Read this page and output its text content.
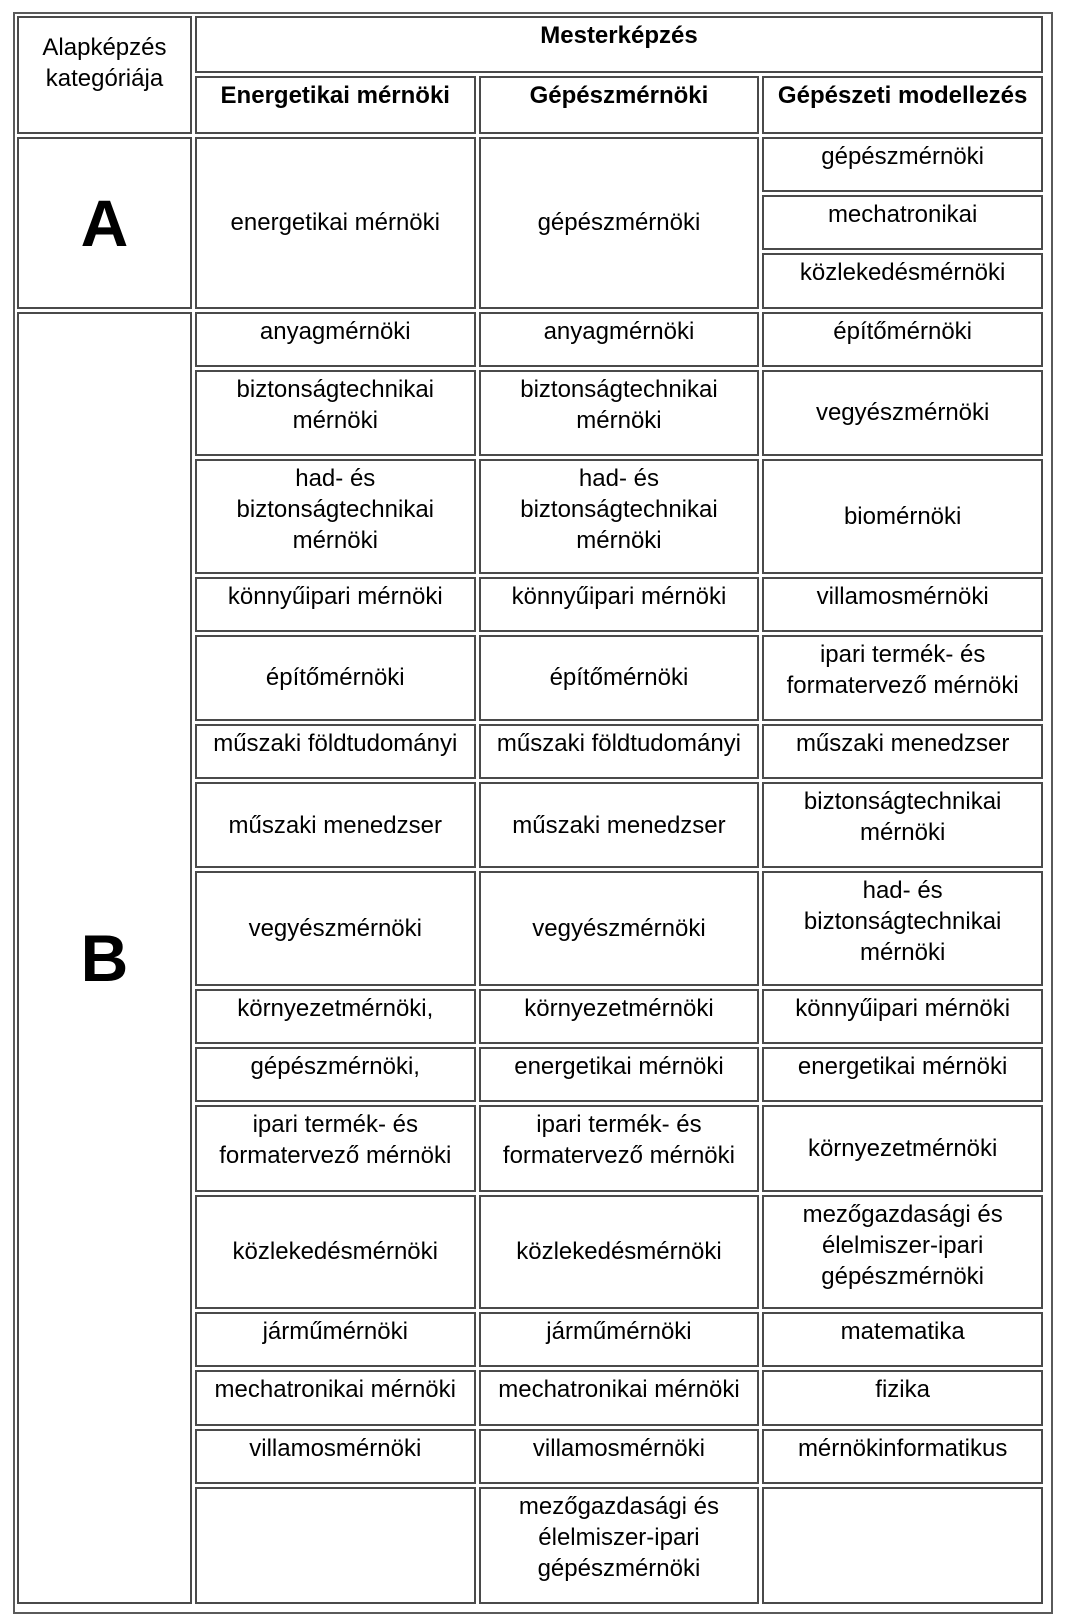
Alapképzés kategóriája	Mesterképzés		
	Energetikai mérnöki	Gépészmérnöki	Gépészeti modellezés
A	energetikai mérnöki	gépészmérnöki	gépészmérnöki
			mechatronikai
			közlekedésmérnöki
B	anyagmérnöki	anyagmérnöki	építőmérnöki
	biztonságtechnikai mérnöki	biztonságtechnikai mérnöki	vegyészmérnöki
	had- és biztonságtechnikai mérnöki	had- és biztonságtechnikai mérnöki	biomérnöki
	könnyűipari mérnöki	könnyűipari mérnöki	villamosmérnöki
	építőmérnöki	építőmérnöki	ipari termék- és formatervező mérnöki
	műszaki földtudományi	műszaki földtudományi	műszaki menedzser
	műszaki menedzser	műszaki menedzser	biztonságtechnikai mérnöki
	vegyészmérnöki	vegyészmérnöki	had- és biztonságtechnikai mérnöki
	környezetmérnöki,	környezetmérnöki	könnyűipari mérnöki
	gépészmérnöki,	energetikai mérnöki	energetikai mérnöki
	ipari termék- és formatervező mérnöki	ipari termék- és formatervező mérnöki	környezetmérnöki
	közlekedésmérnöki	közlekedésmérnöki	mezőgazdasági és élelmiszer-ipari gépészmérnöki
	járműmérnöki	járműmérnöki	matematika
	mechatronikai mérnöki	mechatronikai mérnöki	fizika
	villamosmérnöki	villamosmérnöki	mérnökinformatikus
		mezőgazdasági és élelmiszer-ipari gépészmérnöki	
